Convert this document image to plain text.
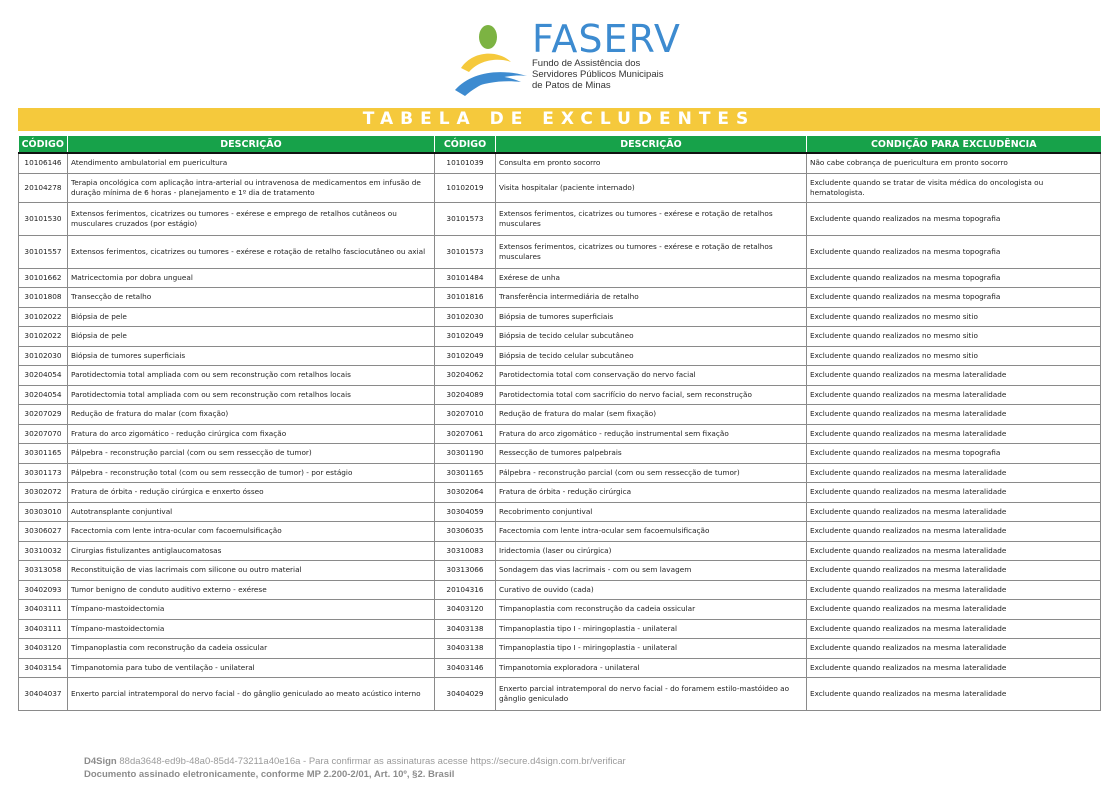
FASERV
Fundo de Assistência dos
Servidores Públicos Municipais
de Patos de Minas
TABELA DE EXCLUDENTES
CÓDIGO	DESCRIÇÃO	CÓDIGO	DESCRIÇÃO	CONDIÇÃO PARA EXCLUDÊNCIA
10106146	Atendimento ambulatorial em puericultura	10101039	Consulta em pronto socorro	Não cabe cobrança de puericultura em pronto socorro
20104278	Terapia oncológica com aplicação intra-arterial ou intravenosa de medicamentos em infusão de duração mínima de 6 horas - planejamento e 1º dia de tratamento	10102019	Visita hospitalar (paciente internado)	Excludente quando se tratar de visita médica do oncologista ou hematologista.
30101530	Extensos ferimentos, cicatrizes ou tumores - exérese e emprego de retalhos cutâneos ou musculares cruzados (por estágio)	30101573	Extensos ferimentos, cicatrizes ou tumores - exérese e rotação de retalhos musculares	Excludente quando realizados na mesma topografia
30101557	Extensos ferimentos, cicatrizes ou tumores - exérese e rotação de retalho fasciocutâneo ou axial	30101573	Extensos ferimentos, cicatrizes ou tumores - exérese e rotação de retalhos musculares	Excludente quando realizados na mesma topografia
30101662	Matricectomia por dobra ungueal	30101484	Exérese de unha	Excludente quando realizados na mesma topografia
30101808	Transecção de retalho	30101816	Transferência intermediária de retalho	Excludente quando realizados na mesma topografia
30102022	Biópsia de pele	30102030	Biópsia de tumores superficiais	Excludente quando realizados no mesmo sitio
30102022	Biópsia de pele	30102049	Biópsia de tecido celular subcutâneo	Excludente quando realizados no mesmo sitio
30102030	Biópsia de tumores superficiais	30102049	Biópsia de tecido celular subcutâneo	Excludente quando realizados no mesmo sitio
30204054	Parotidectomia total ampliada com ou sem reconstrução com retalhos locais	30204062	Parotidectomia total com conservação do nervo facial	Excludente quando realizados na mesma lateralidade
30204054	Parotidectomia total ampliada com ou sem reconstrução com retalhos locais	30204089	Parotidectomia total com sacrifício do nervo facial, sem reconstrução	Excludente quando realizados na mesma lateralidade
30207029	Redução de fratura do malar (com fixação)	30207010	Redução de fratura do malar (sem fixação)	Excludente quando realizados na mesma lateralidade
30207070	Fratura do arco zigomático - redução cirúrgica com fixação	30207061	Fratura do arco zigomático - redução instrumental sem fixação	Excludente quando realizados na mesma lateralidade
30301165	Pálpebra - reconstrução parcial (com ou sem ressecção de tumor)	30301190	Ressecção de tumores palpebrais	Excludente quando realizados na mesma topografia
30301173	Pálpebra - reconstrução total (com ou sem ressecção de tumor) - por estágio	30301165	Pálpebra - reconstrução parcial (com ou sem ressecção de tumor)	Excludente quando realizados na mesma lateralidade
30302072	Fratura de órbita - redução cirúrgica e enxerto ósseo	30302064	Fratura de órbita - redução cirúrgica	Excludente quando realizados na mesma lateralidade
30303010	Autotransplante conjuntival	30304059	Recobrimento conjuntival	Excludente quando realizados na mesma lateralidade
30306027	Facectomia com lente intra-ocular com facoemulsificação	30306035	Facectomia com lente intra-ocular sem facoemulsificação	Excludente quando realizados na mesma lateralidade
30310032	Cirurgias fistulizantes antiglaucomatosas	30310083	Iridectomia (laser ou cirúrgica)	Excludente quando realizados na mesma lateralidade
30313058	Reconstituição de vias lacrimais com silicone ou outro material	30313066	Sondagem das vias lacrimais - com ou sem lavagem	Excludente quando realizados na mesma lateralidade
30402093	Tumor benigno de conduto auditivo externo - exérese	20104316	Curativo de ouvido (cada)	Excludente quando realizados na mesma lateralidade
30403111	Tímpano-mastoidectomia	30403120	Timpanoplastia com reconstrução da cadeia ossicular	Excludente quando realizados na mesma lateralidade
30403111	Tímpano-mastoidectomia	30403138	Timpanoplastia tipo I - miringoplastia - unilateral	Excludente quando realizados na mesma lateralidade
30403120	Timpanoplastia com reconstrução da cadeia ossicular	30403138	Timpanoplastia tipo I - miringoplastia - unilateral	Excludente quando realizados na mesma lateralidade
30403154	Timpanotomia para tubo de ventilação - unilateral	30403146	Timpanotomia exploradora - unilateral	Excludente quando realizados na mesma lateralidade
30404037	Enxerto parcial intratemporal do nervo facial - do gânglio geniculado ao meato acústico interno	30404029	Enxerto parcial intratemporal do nervo facial - do foramem estilo-mastóideo ao gânglio geniculado	Excludente quando realizados na mesma lateralidade
D4Sign 88da3648-ed9b-48a0-85d4-73211a40e16a - Para confirmar as assinaturas acesse https://secure.d4sign.com.br/verificar
Documento assinado eletronicamente, conforme MP 2.200-2/01, Art. 10º, §2. Brasil
